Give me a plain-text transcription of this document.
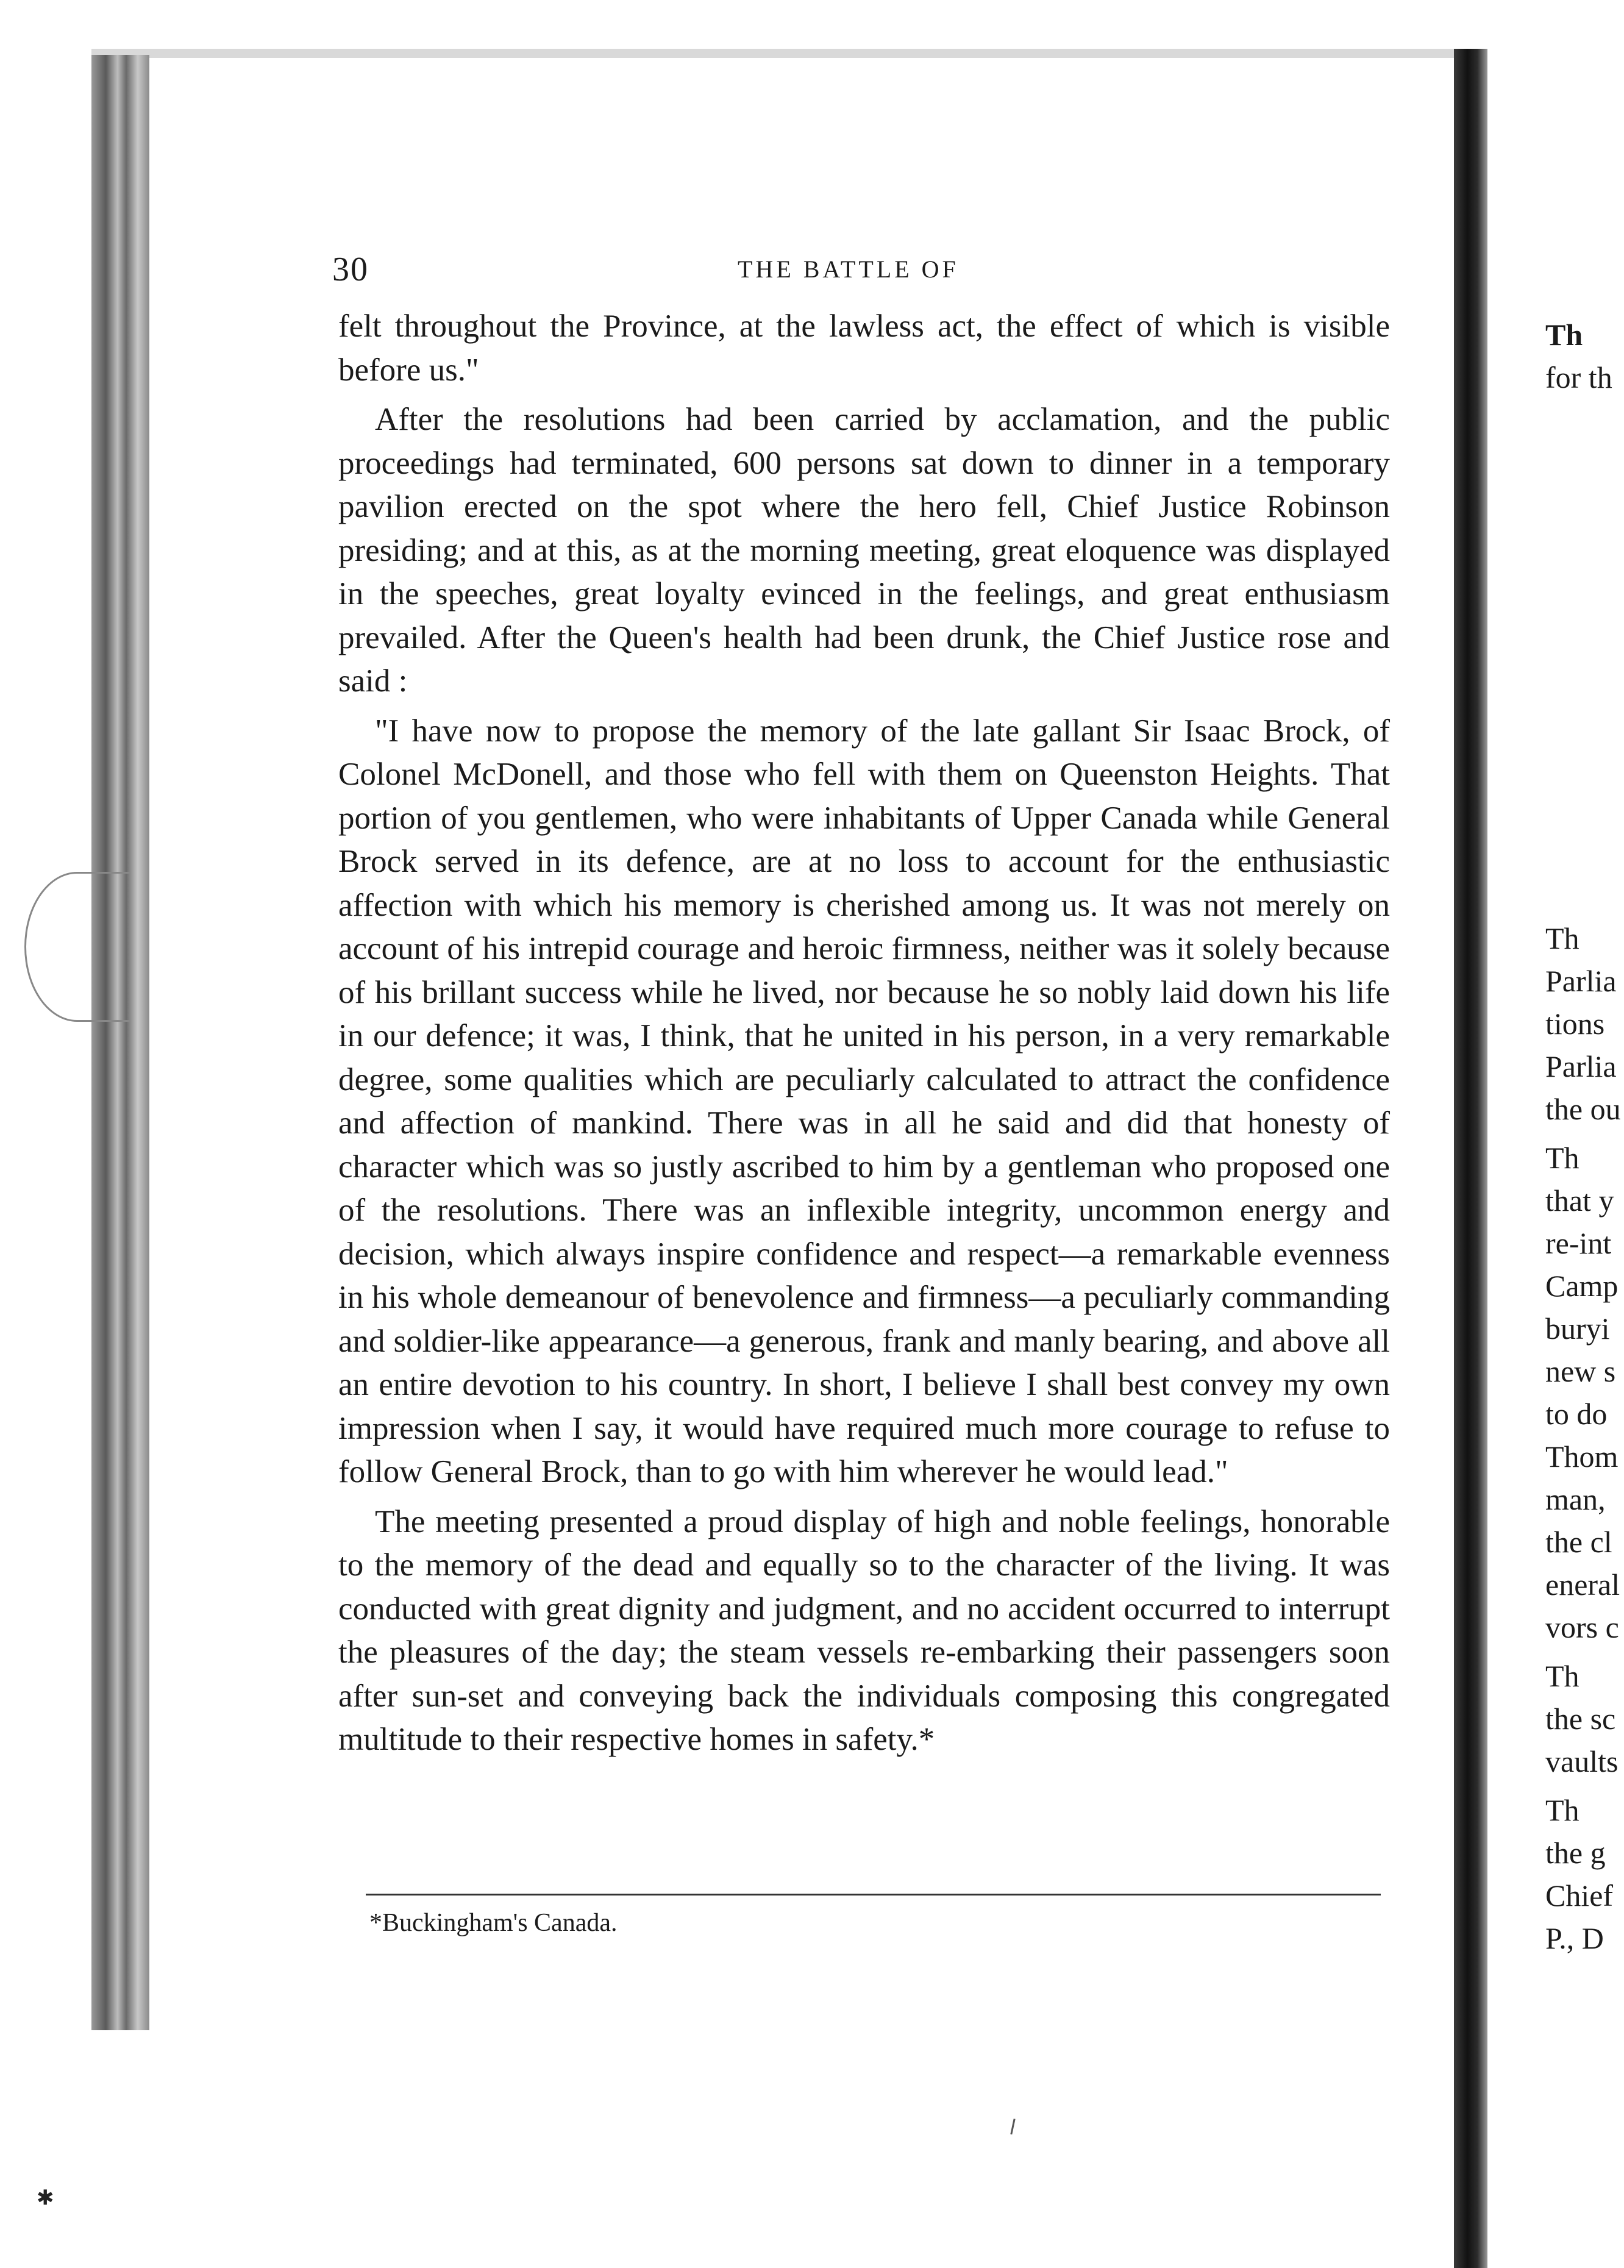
Th
for th
Th
Parlia
tions
Parlia
the ou
Th
that y
re-int
Camp
buryi
new s
to do
Thom
man,
the cl
eneral
vors c
Th
the sc
vaults
Th
the g
Chief
P., D
30	THE BATTLE OF

felt throughout the Province, at the lawless act, the effect of which is visible before us."

After the resolutions had been carried by acclamation, and the public proceedings had terminated, 600 persons sat down to dinner in a temporary pavilion erected on the spot where the hero fell, Chief Justice Robinson presiding; and at this, as at the morning meeting, great eloquence was displayed in the speeches, great loyalty evinced in the feelings, and great enthusiasm prevailed. After the Queen's health had been drunk, the Chief Justice rose and said :

"I have now to propose the memory of the late gallant Sir Isaac Brock, of Colonel McDonell, and those who fell with them on Queenston Heights. That portion of you gentlemen, who were inhabitants of Upper Canada while General Brock served in its defence, are at no loss to account for the enthusiastic affection with which his memory is cherished among us. It was not merely on account of his intrepid courage and heroic firmness, neither was it solely because of his brillant success while he lived, nor because he so nobly laid down his life in our defence; it was, I think, that he united in his person, in a very remarkable degree, some qualities which are peculiarly calculated to attract the confidence and affection of mankind. There was in all he said and did that honesty of character which was so justly ascribed to him by a gentleman who proposed one of the resolutions. There was an inflexible integrity, uncommon energy and decision, which always inspire confidence and respect—a remarkable evenness in his whole demeanour of benevolence and firmness—a peculiarly commanding and soldier-like appearance—a generous, frank and manly bearing, and above all an entire devotion to his country. In short, I believe I shall best convey my own impression when I say, it would have required much more courage to refuse to follow General Brock, than to go with him wherever he would lead."

The meeting presented a proud display of high and noble feelings, honorable to the memory of the dead and equally so to the character of the living. It was conducted with great dignity and judgment, and no accident occurred to interrupt the pleasures of the day; the steam vessels re-embarking their passengers soon after sun-set and conveying back the individuals composing this congregated multitude to their respective homes in safety.*

*Buckingham's Canada.
✱
